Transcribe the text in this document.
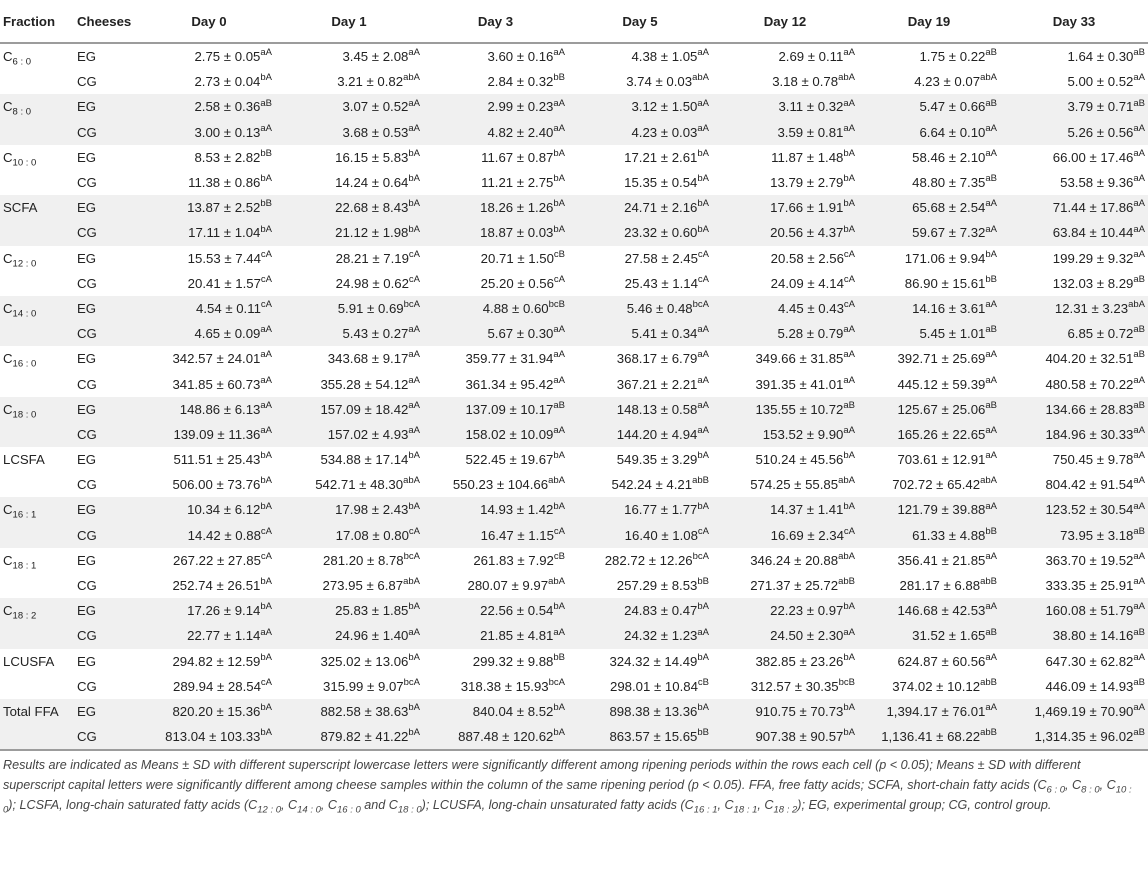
Fraction	Cheeses	Day 0	Day 1	Day 3	Day 5	Day 12	Day 19	Day 33
$C_{6 : 0}$	EG	$2.75 \pm 0.05^{aA}$	$3.45 \pm 2.08^{aA}$	$3.60 \pm 0.16^{aA}$	$4.38 \pm 1.05^{aA}$	$2.69 \pm 0.11^{aA}$	$1.75 \pm 0.22^{aB}$	$1.64 \pm 0.30^{aB}$
	CG	$2.73 \pm 0.04^{bA}$	$3.21 \pm 0.82^{abA}$	$2.84 \pm 0.32^{bB}$	$3.74 \pm 0.03^{abA}$	$3.18 \pm 0.78^{abA}$	$4.23 \pm 0.07^{abA}$	$5.00 \pm 0.52^{aA}$
$C_{8 : 0}$	EG	$2.58 \pm 0.36^{aB}$	$3.07 \pm 0.52^{aA}$	$2.99 \pm 0.23^{aA}$	$3.12 \pm 1.50^{aA}$	$3.11 \pm 0.32^{aA}$	$5.47 \pm 0.66^{aB}$	$3.79 \pm 0.71^{aB}$
	CG	$3.00 \pm 0.13^{aA}$	$3.68 \pm 0.53^{aA}$	$4.82 \pm 2.40^{aA}$	$4.23 \pm 0.03^{aA}$	$3.59 \pm 0.81^{aA}$	$6.64 \pm 0.10^{aA}$	$5.26 \pm 0.56^{aA}$
$C_{10 : 0}$	EG	$8.53 \pm 2.82^{bB}$	$16.15 \pm 5.83^{bA}$	$11.67 \pm 0.87^{bA}$	$17.21 \pm 2.61^{bA}$	$11.87 \pm 1.48^{bA}$	$58.46 \pm 2.10^{aA}$	$66.00 \pm 17.46^{aA}$
	CG	$11.38 \pm 0.86^{bA}$	$14.24 \pm 0.64^{bA}$	$11.21 \pm 2.75^{bA}$	$15.35 \pm 0.54^{bA}$	$13.79 \pm 2.79^{bA}$	$48.80 \pm 7.35^{aB}$	$53.58 \pm 9.36^{aA}$
SCFA	EG	$13.87 \pm 2.52^{bB}$	$22.68 \pm 8.43^{bA}$	$18.26 \pm 1.26^{bA}$	$24.71 \pm 2.16^{bA}$	$17.66 \pm 1.91^{bA}$	$65.68 \pm 2.54^{aA}$	$71.44 \pm 17.86^{aA}$
	CG	$17.11 \pm 1.04^{bA}$	$21.12 \pm 1.98^{bA}$	$18.87 \pm 0.03^{bA}$	$23.32 \pm 0.60^{bA}$	$20.56 \pm 4.37^{bA}$	$59.67 \pm 7.32^{aA}$	$63.84 \pm 10.44^{aA}$
$C_{12 : 0}$	EG	$15.53 \pm 7.44^{cA}$	$28.21 \pm 7.19^{cA}$	$20.71 \pm 1.50^{cB}$	$27.58 \pm 2.45^{cA}$	$20.58 \pm 2.56^{cA}$	$171.06 \pm 9.94^{bA}$	$199.29 \pm 9.32^{aA}$
	CG	$20.41 \pm 1.57^{cA}$	$24.98 \pm 0.62^{cA}$	$25.20 \pm 0.56^{cA}$	$25.43 \pm 1.14^{cA}$	$24.09 \pm 4.14^{cA}$	$86.90 \pm 15.61^{bB}$	$132.03 \pm 8.29^{aB}$
$C_{14 : 0}$	EG	$4.54 \pm 0.11^{cA}$	$5.91 \pm 0.69^{bcA}$	$4.88 \pm 0.60^{bcB}$	$5.46 \pm 0.48^{bcA}$	$4.45 \pm 0.43^{cA}$	$14.16 \pm 3.61^{aA}$	$12.31 \pm 3.23^{abA}$
	CG	$4.65 \pm 0.09^{aA}$	$5.43 \pm 0.27^{aA}$	$5.67 \pm 0.30^{aA}$	$5.41 \pm 0.34^{aA}$	$5.28 \pm 0.79^{aA}$	$5.45 \pm 1.01^{aB}$	$6.85 \pm 0.72^{aB}$
$C_{16 : 0}$	EG	$342.57 \pm 24.01^{aA}$	$343.68 \pm 9.17^{aA}$	$359.77 \pm 31.94^{aA}$	$368.17 \pm 6.79^{aA}$	$349.66 \pm 31.85^{aA}$	$392.71 \pm 25.69^{aA}$	$404.20 \pm 32.51^{aB}$
	CG	$341.85 \pm 60.73^{aA}$	$355.28 \pm 54.12^{aA}$	$361.34 \pm 95.42^{aA}$	$367.21 \pm 2.21^{aA}$	$391.35 \pm 41.01^{aA}$	$445.12 \pm 59.39^{aA}$	$480.58 \pm 70.22^{aA}$
$C_{18 : 0}$	EG	$148.86 \pm 6.13^{aA}$	$157.09 \pm 18.42^{aA}$	$137.09 \pm 10.17^{aB}$	$148.13 \pm 0.58^{aA}$	$135.55 \pm 10.72^{aB}$	$125.67 \pm 25.06^{aB}$	$134.66 \pm 28.83^{aB}$
	CG	$139.09 \pm 11.36^{aA}$	$157.02 \pm 4.93^{aA}$	$158.02 \pm 10.09^{aA}$	$144.20 \pm 4.94^{aA}$	$153.52 \pm 9.90^{aA}$	$165.26 \pm 22.65^{aA}$	$184.96 \pm 30.33^{aA}$
LCSFA	EG	$511.51 \pm 25.43^{bA}$	$534.88 \pm 17.14^{bA}$	$522.45 \pm 19.67^{bA}$	$549.35 \pm 3.29^{bA}$	$510.24 \pm 45.56^{bA}$	$703.61 \pm 12.91^{aA}$	$750.45 \pm 9.78^{aA}$
	CG	$506.00 \pm 73.76^{bA}$	$542.71 \pm 48.30^{abA}$	$550.23 \pm 104.66^{abA}$	$542.24 \pm 4.21^{abB}$	$574.25 \pm 55.85^{abA}$	$702.72 \pm 65.42^{abA}$	$804.42 \pm 91.54^{aA}$
$C_{16 : 1}$	EG	$10.34 \pm 6.12^{bA}$	$17.98 \pm 2.43^{bA}$	$14.93 \pm 1.42^{bA}$	$16.77 \pm 1.77^{bA}$	$14.37 \pm 1.41^{bA}$	$121.79 \pm 39.88^{aA}$	$123.52 \pm 30.54^{aA}$
	CG	$14.42 \pm 0.88^{cA}$	$17.08 \pm 0.80^{cA}$	$16.47 \pm 1.15^{cA}$	$16.40 \pm 1.08^{cA}$	$16.69 \pm 2.34^{cA}$	$61.33 \pm 4.88^{bB}$	$73.95 \pm 3.18^{aB}$
$C_{18 : 1}$	EG	$267.22 \pm 27.85^{cA}$	$281.20 \pm 8.78^{bcA}$	$261.83 \pm 7.92^{cB}$	$282.72 \pm 12.26^{bcA}$	$346.24 \pm 20.88^{abA}$	$356.41 \pm 21.85^{aA}$	$363.70 \pm 19.52^{aA}$
	CG	$252.74 \pm 26.51^{bA}$	$273.95 \pm 6.87^{abA}$	$280.07 \pm 9.97^{abA}$	$257.29 \pm 8.53^{bB}$	$271.37 \pm 25.72^{abB}$	$281.17 \pm 6.88^{abB}$	$333.35 \pm 25.91^{aA}$
$C_{18 : 2}$	EG	$17.26 \pm 9.14^{bA}$	$25.83 \pm 1.85^{bA}$	$22.56 \pm 0.54^{bA}$	$24.83 \pm 0.47^{bA}$	$22.23 \pm 0.97^{bA}$	$146.68 \pm 42.53^{aA}$	$160.08 \pm 51.79^{aA}$
	CG	$22.77 \pm 1.14^{aA}$	$24.96 \pm 1.40^{aA}$	$21.85 \pm 4.81^{aA}$	$24.32 \pm 1.23^{aA}$	$24.50 \pm 2.30^{aA}$	$31.52 \pm 1.65^{aB}$	$38.80 \pm 14.16^{aB}$
LCUSFA	EG	$294.82 \pm 12.59^{bA}$	$325.02 \pm 13.06^{bA}$	$299.32 \pm 9.88^{bB}$	$324.32 \pm 14.49^{bA}$	$382.85 \pm 23.26^{bA}$	$624.87 \pm 60.56^{aA}$	$647.30 \pm 62.82^{aA}$
	CG	$289.94 \pm 28.54^{cA}$	$315.99 \pm 9.07^{bcA}$	$318.38 \pm 15.93^{bcA}$	$298.01 \pm 10.84^{cB}$	$312.57 \pm 30.35^{bcB}$	$374.02 \pm 10.12^{abB}$	$446.09 \pm 14.93^{aB}$
Total FFA	EG	$820.20 \pm 15.36^{bA}$	$882.58 \pm 38.63^{bA}$	$840.04 \pm 8.52^{bA}$	$898.38 \pm 13.36^{bA}$	$910.75 \pm 70.73^{bA}$	$1,394.17 \pm 76.01^{aA}$	$1,469.19 \pm 70.90^{aA}$
	CG	$813.04 \pm 103.33^{bA}$	$879.82 \pm 41.22^{bA}$	$887.48 \pm 120.62^{bA}$	$863.57 \pm 15.65^{bB}$	$907.38 \pm 90.57^{bA}$	$1,136.41 \pm 68.22^{abB}$	$1,314.35 \pm 96.02^{aB}$
Results are indicated as Means ± SD with different superscript lowercase letters were significantly different among ripening periods within the rows each cell (p < 0.05); Means ± SD with different superscript capital letters were significantly different among cheese samples within the column of the same ripening period (p < 0.05). FFA, free fatty acids; SCFA, short-chain fatty acids ($C_{6 : 0}$, $C_{8 : 0}$, $C_{10 : 0}$); LCSFA, long-chain saturated fatty acids ($C_{12 : 0}$, $C_{14 : 0}$, $C_{16 : 0}$ and $C_{18 : 0}$); LCUSFA, long-chain unsaturated fatty acids ($C_{16 : 1}$, $C_{18 : 1}$, $C_{18 : 2}$); EG, experimental group; CG, control group.
